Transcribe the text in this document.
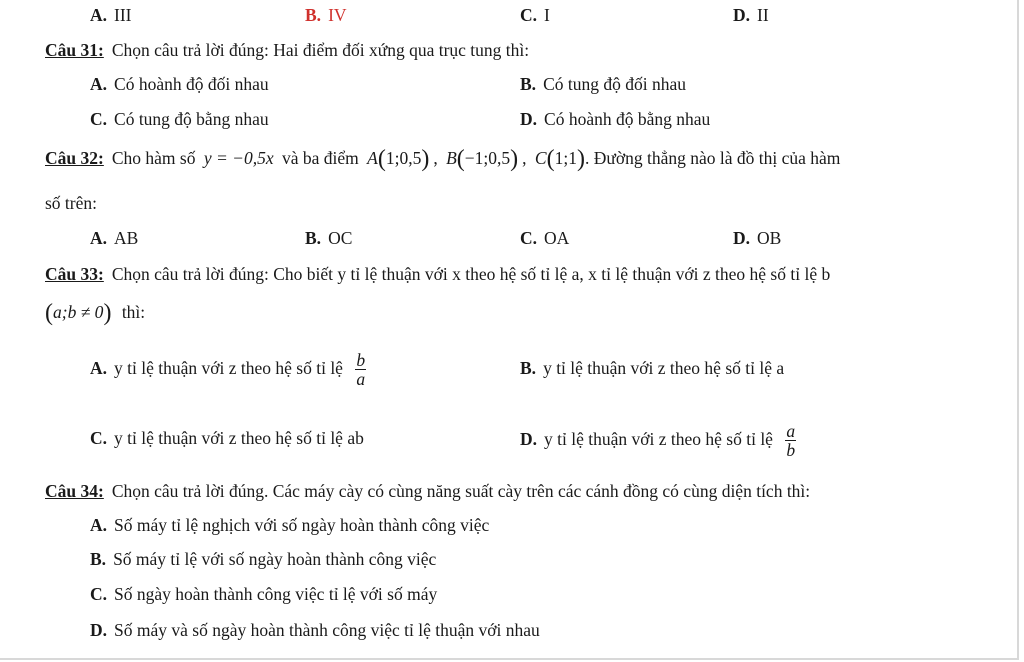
A. III	B. IV	C. I	D. II
Câu 31: Chọn câu trả lời đúng: Hai điểm đối xứng qua trục tung thì:
A. Có hoành độ đối nhau	B. Có tung độ đối nhau
C. Có tung độ bằng nhau	D. Có hoành độ bằng nhau
Câu 32: Cho hàm số y = −0,5x và ba điểm A(1;0,5) , B(−1;0,5) , C(1;1). Đường thẳng nào là đồ thị của hàm
số trên:
A. AB	B. OC	C. OA	D. OB
Câu 33: Chọn câu trả lời đúng: Cho biết y tỉ lệ thuận với x theo hệ số tỉ lệ a, x tỉ lệ thuận với z theo hệ số tỉ lệ b
(a;b ≠ 0) thì:
A. y tỉ lệ thuận với z theo hệ số tỉ lệ $\frac{b}{a}$	B. y tỉ lệ thuận với z theo hệ số tỉ lệ a
C. y tỉ lệ thuận với z theo hệ số tỉ lệ ab	D. y tỉ lệ thuận với z theo hệ số tỉ lệ $\frac{a}{b}$
Câu 34: Chọn câu trả lời đúng. Các máy cày có cùng năng suất cày trên các cánh đồng có cùng diện tích thì:
A. Số máy tỉ lệ nghịch với số ngày hoàn thành công việc
B. Số máy tỉ lệ với số ngày hoàn thành công việc
C. Số ngày hoàn thành công việc tỉ lệ với số máy
D. Số máy và số ngày hoàn thành công việc tỉ lệ thuận với nhau
